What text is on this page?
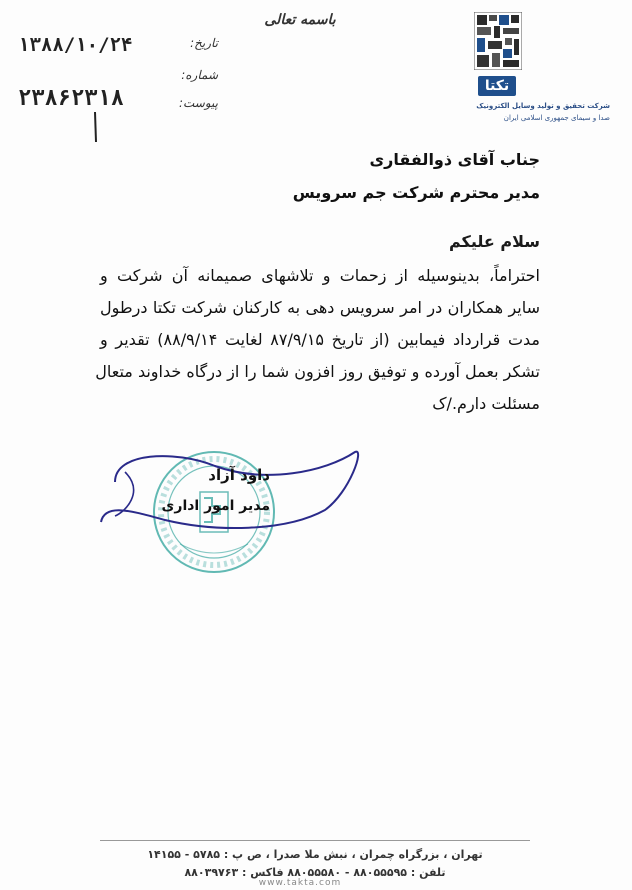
باسمه تعالی
تکتا
شرکت تحقیق و تولید وسایل الکترونیک
صدا و سیمای جمهوری اسلامی ایران
تاریخ:
۱۳۸۸/۱۰/۲۴
شماره:
پیوست:
۲۳۸۶۲۳۱۸
جناب آقای ذوالفقاری
مدیر محترم شرکت جم سرویس
سلام علیکم
احتراماً، بدینوسیله از زحمات و تلاشهای صمیمانه آن شرکت و
سایر همکاران در امر سرویس دهی به کارکنان شرکت تکتا درطول
مدت قرارداد فیمابین (از تاریخ ۸۷/۹/۱۵ لغایت ۸۸/۹/۱۴) تقدیر و
تشکر بعمل آورده و توفیق روز افزون شما را از درگاه خداوند متعال
مسئلت دارم./ک
داود آزاد
مدیر امور اداری
تهران ، بزرگراه چمران ، نبش ملا صدرا ، ص پ : ۵۷۸۵ - ۱۴۱۵۵
تلفن : ۸۸۰۵۵۵۹۵ - ۸۸۰۵۵۵۸۰ فاکس : ۸۸۰۳۹۷۶۳
www.takta.com
